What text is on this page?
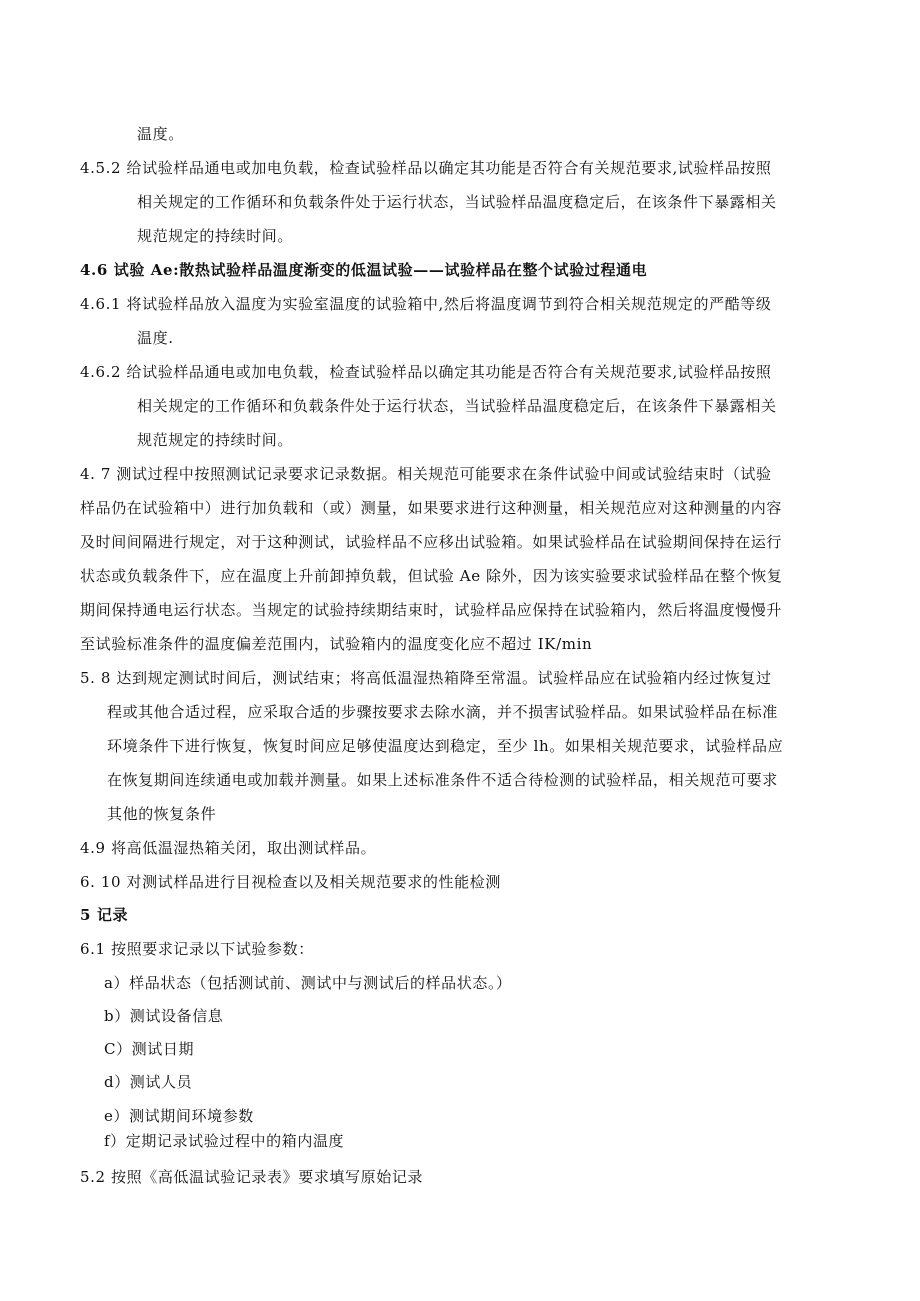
温度。
4.5.2 给试验样品通电或加电负载，检查试验样品以确定其功能是否符合有关规范要求,试验样品按照
相关规定的工作循环和负载条件处于运行状态，当试验样品温度稳定后，在该条件下暴露相关
规范规定的持续时间。
4.6 试验 Ae:散热试验样品温度渐变的低温试验——试验样品在整个试验过程通电
4.6.1 将试验样品放入温度为实验室温度的试验箱中,然后将温度调节到符合相关规范规定的严酷等级
温度.
4.6.2 给试验样品通电或加电负载，检查试验样品以确定其功能是否符合有关规范要求,试验样品按照
相关规定的工作循环和负载条件处于运行状态，当试验样品温度稳定后，在该条件下暴露相关
规范规定的持续时间。
4. 7 测试过程中按照测试记录要求记录数据。相关规范可能要求在条件试验中间或试验结束时（试验
样品仍在试验箱中）进行加负载和（或）测量，如果要求进行这种测量，相关规范应对这种测量的内容
及时间间隔进行规定，对于这种测试，试验样品不应移出试验箱。如果试验样品在试验期间保持在运行
状态或负载条件下，应在温度上升前卸掉负载，但试验 Ae 除外，因为该实验要求试验样品在整个恢复
期间保持通电运行状态。当规定的试验持续期结束时，试验样品应保持在试验箱内，然后将温度慢慢升
至试验标准条件的温度偏差范围内，试验箱内的温度变化应不超过 IK/min
5. 8 达到规定测试时间后，测试结束；将高低温湿热箱降至常温。试验样品应在试验箱内经过恢复过
程或其他合适过程，应采取合适的步骤按要求去除水滴，并不损害试验样品。如果试验样品在标准
环境条件下进行恢复，恢复时间应足够使温度达到稳定，至少 lh。如果相关规范要求，试验样品应
在恢复期间连续通电或加载并测量。如果上述标准条件不适合待检测的试验样品，相关规范可要求
其他的恢复条件
4.9 将高低温湿热箱关闭，取出测试样品。
6. 10 对测试样品进行目视检查以及相关规范要求的性能检测
5 记录
6.1 按照要求记录以下试验参数：
a）样品状态（包括测试前、测试中与测试后的样品状态。）
b）测试设备信息
C）测试日期
d）测试人员
e）测试期间环境参数
f）定期记录试验过程中的箱内温度
5.2 按照《高低温试验记录表》要求填写原始记录
